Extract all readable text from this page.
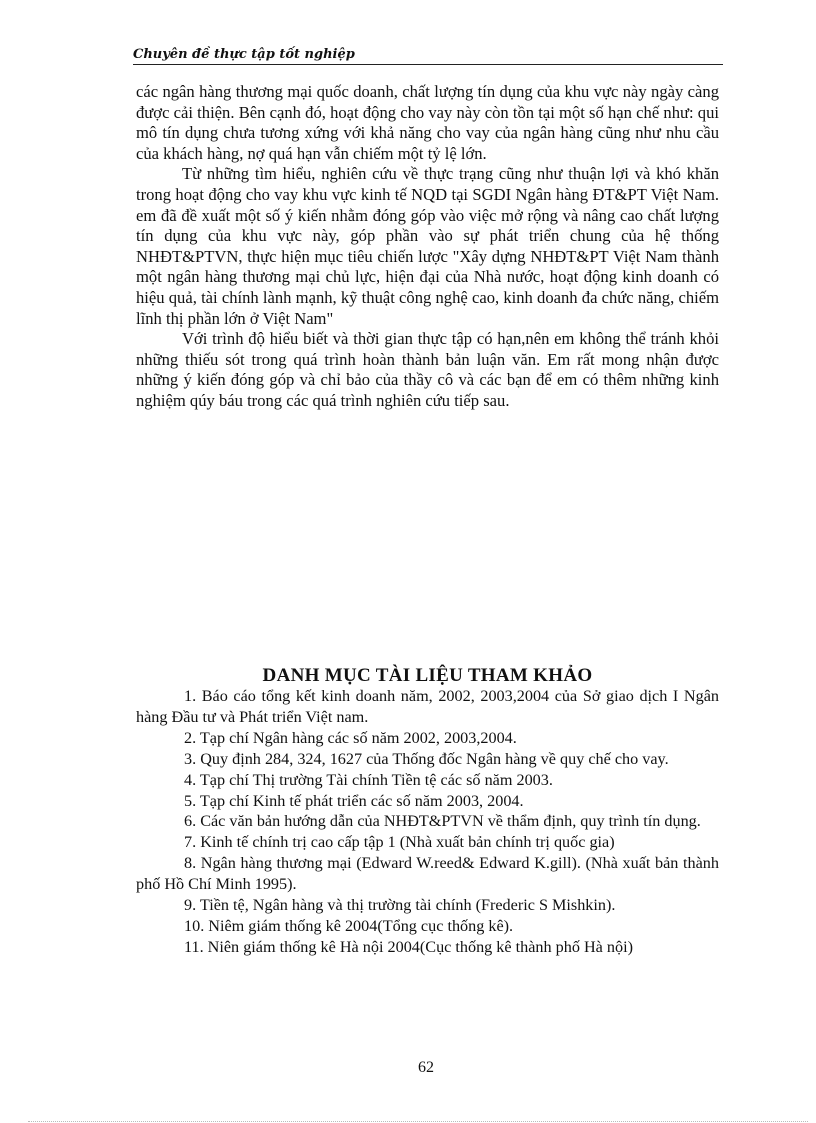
Chuyên đề thực tập tốt nghiệp

các ngân hàng thương mại quốc doanh, chất lượng tín dụng của khu vực này ngày càng được cải thiện. Bên cạnh đó, hoạt động cho vay này còn tồn tại một số hạn chế như: qui mô tín dụng chưa tương xứng với khả năng cho vay của ngân hàng cũng như nhu cầu của khách hàng, nợ quá hạn vẫn chiếm một tỷ lệ lớn.

Từ những tìm hiểu, nghiên cứu về thực trạng cũng như thuận lợi và khó khăn trong hoạt động cho vay khu vực kinh tế NQD tại SGDI Ngân hàng ĐT&PT Việt Nam. em đã đề xuất một số ý kiến nhằm đóng góp vào việc mở rộng và nâng cao chất lượng tín dụng của khu vực này, góp phần vào sự phát triển chung của hệ thống NHĐT&PTVN, thực hiện mục tiêu chiến lược "Xây dựng NHĐT&PT Việt Nam thành một ngân hàng thương mại chủ lực, hiện đại của Nhà nước, hoạt động kinh doanh có hiệu quả, tài chính lành mạnh, kỹ thuật công nghệ cao, kinh doanh đa chức năng, chiếm lĩnh thị phần lớn ở Việt Nam"

Với trình độ hiểu biết và thời gian thực tập có hạn,nên em không thể tránh khỏi những thiếu sót trong quá trình hoàn thành bản luận văn. Em rất mong nhận được những ý kiến đóng góp và chỉ bảo của thầy cô và các bạn để em có thêm những kinh nghiệm qúy báu trong các quá trình nghiên cứu tiếp sau.

DANH MỤC TÀI LIỆU THAM KHẢO

1. Báo cáo tổng kết kinh doanh năm, 2002, 2003,2004 của Sở giao dịch I Ngân hàng Đầu tư và Phát triển Việt nam.

2. Tạp chí Ngân hàng các số năm 2002, 2003,2004.

3. Quy định 284, 324, 1627 của Thống đốc Ngân hàng về quy chế cho vay.

4. Tạp chí Thị trường Tài chính Tiền tệ các số năm 2003.

5. Tạp chí Kinh tế phát triển các số năm 2003, 2004.

6. Các văn bản hướng dẫn của NHĐT&PTVN về thẩm định, quy trình tín dụng.

7. Kinh tế chính trị cao cấp tập 1 (Nhà xuất bản chính trị quốc gia)

8. Ngân hàng thương mại (Edward W.reed& Edward K.gill). (Nhà xuất bản thành phố Hồ Chí Minh 1995).

9. Tiền tệ, Ngân hàng và thị trường tài chính (Frederic S Mishkin).

10. Niêm giám thống kê 2004(Tổng cục thống kê).

11. Niên giám thống kê Hà nội 2004(Cục thống kê thành phố Hà nội)

62
